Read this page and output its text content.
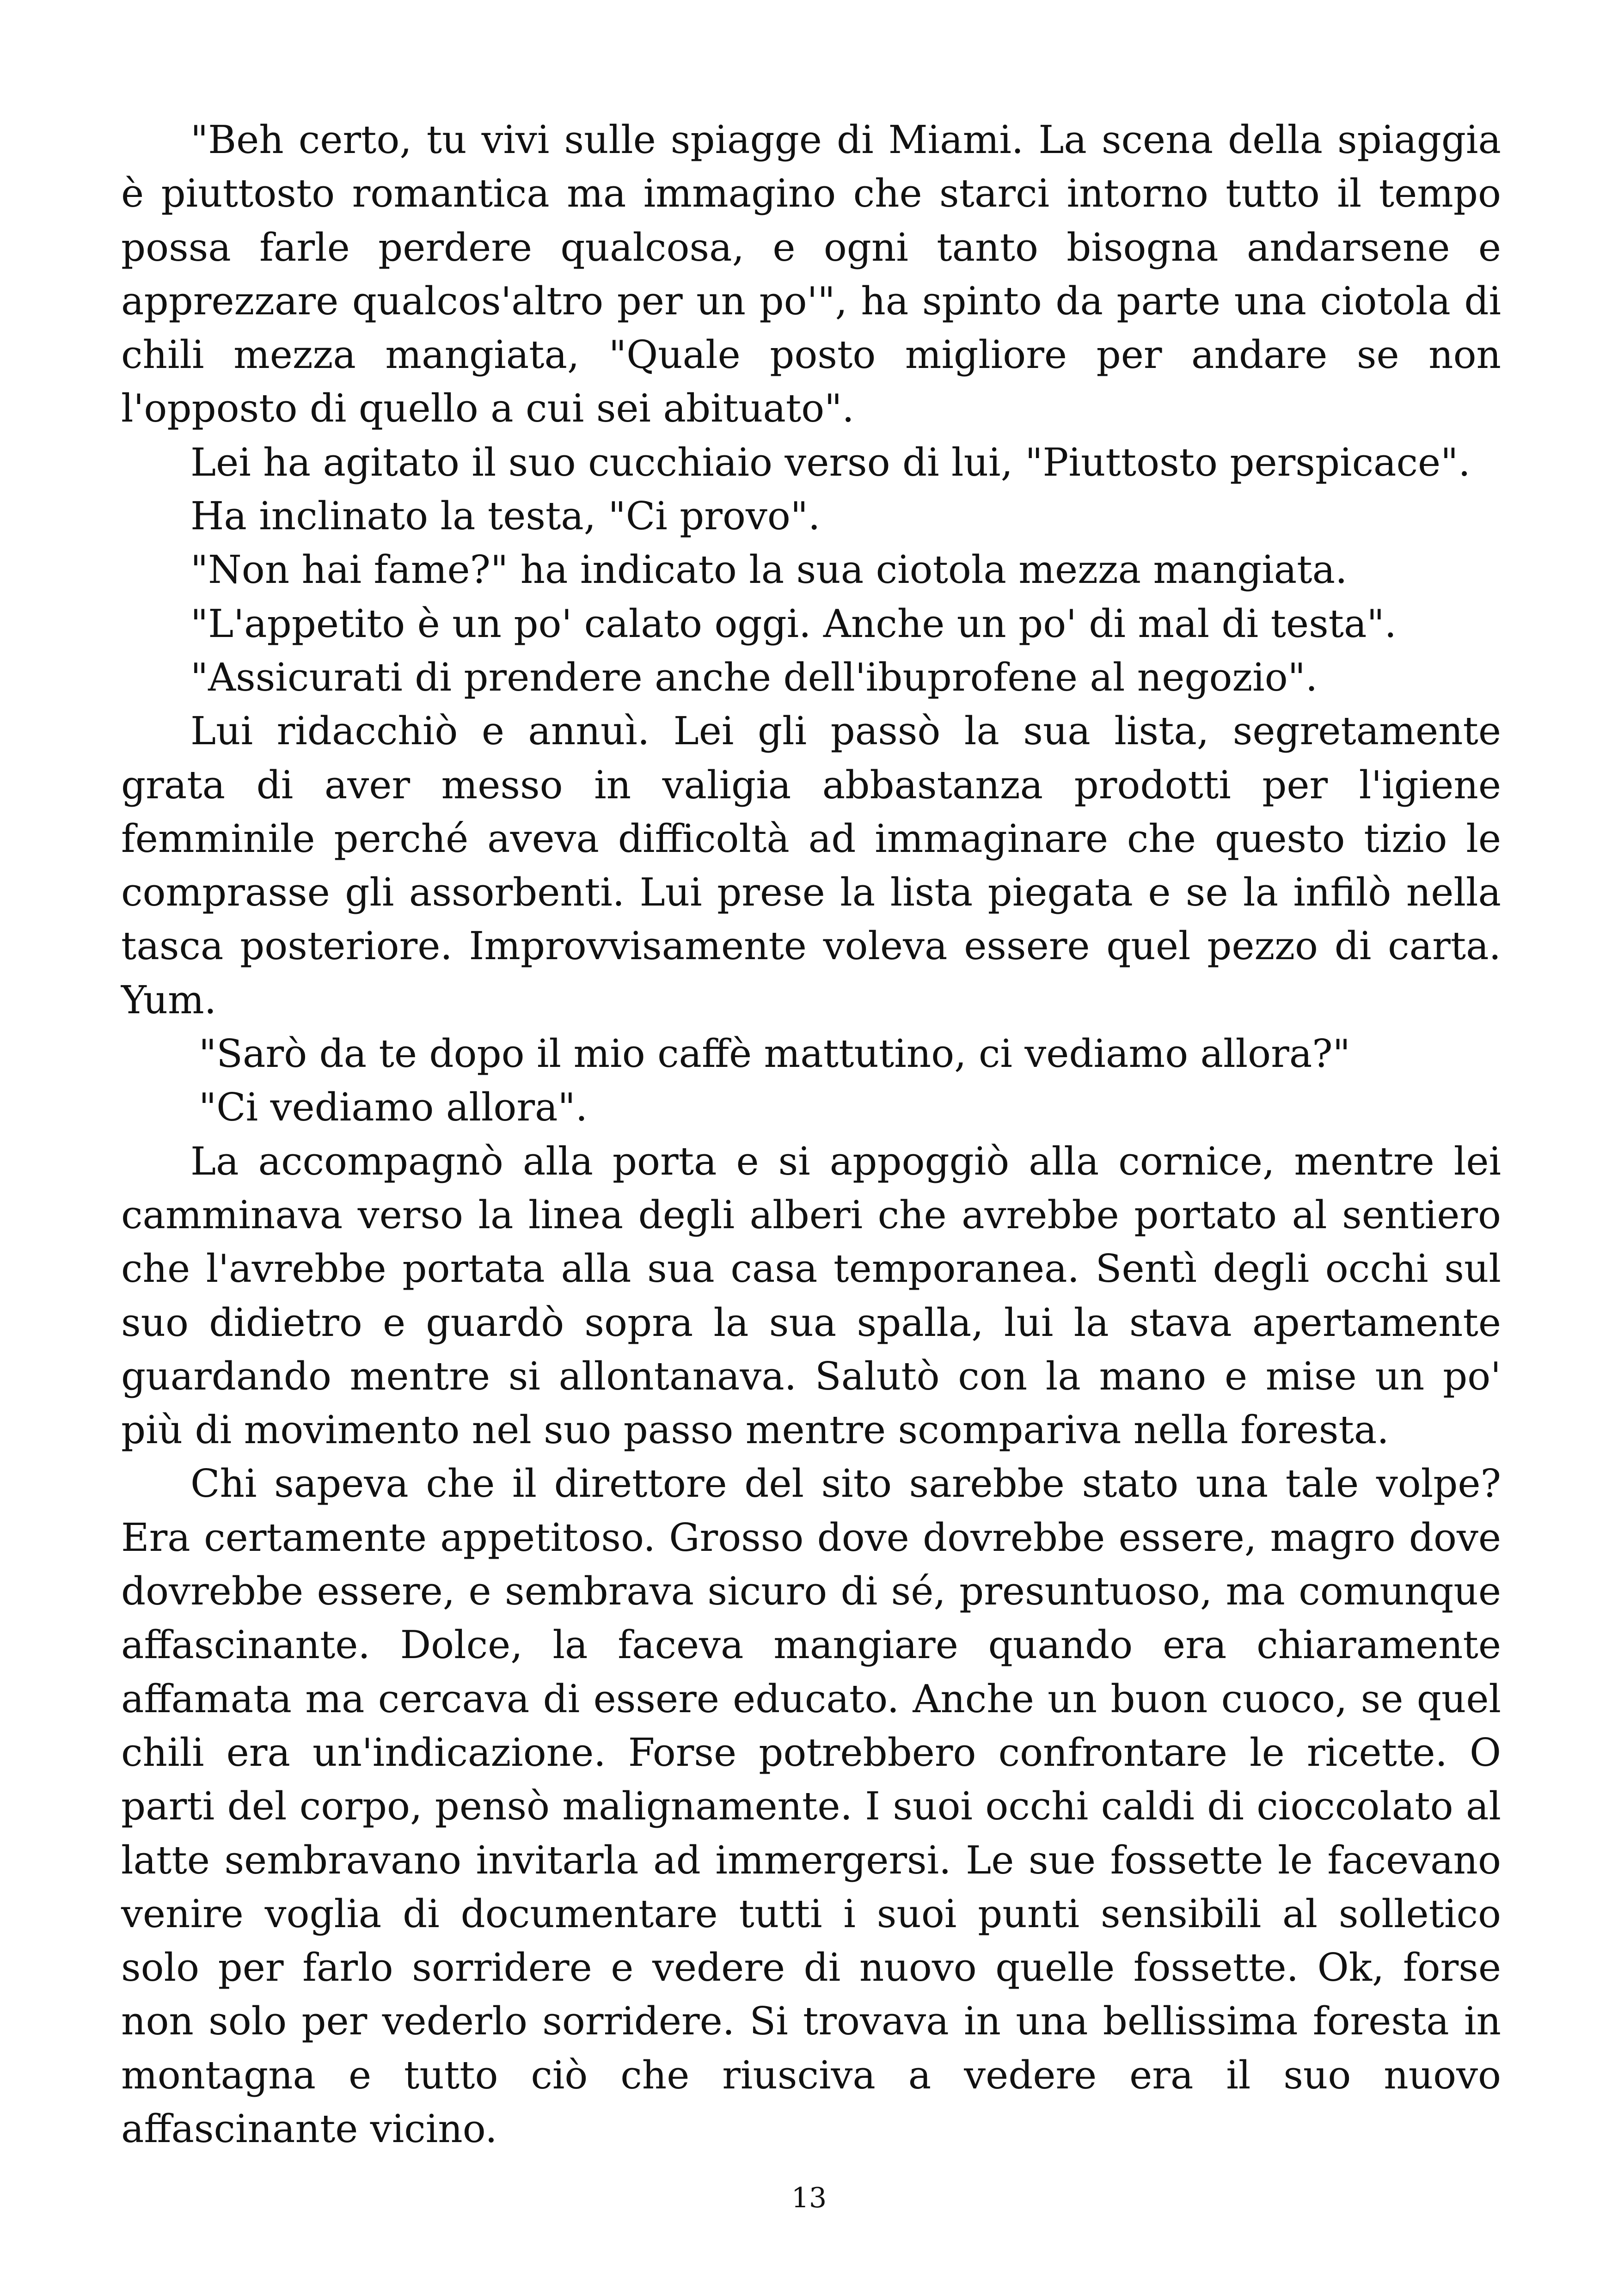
"Beh certo, tu vivi sulle spiagge di Miami. La scena della spiaggia è piuttosto romantica ma immagino che starci intorno tutto il tempo possa farle perdere qualcosa, e ogni tanto bisogna andarsene e apprezzare qualcos'altro per un po'", ha spinto da parte una ciotola di chili mezza mangiata, "Quale posto migliore per andare se non l'opposto di quello a cui sei abituato".

Lei ha agitato il suo cucchiaio verso di lui, "Piuttosto perspicace".

Ha inclinato la testa, "Ci provo".

"Non hai fame?" ha indicato la sua ciotola mezza mangiata.

"L'appetito è un po' calato oggi. Anche un po' di mal di testa".

"Assicurati di prendere anche dell'ibuprofene al negozio".

Lui ridacchiò e annuì. Lei gli passò la sua lista, segretamente grata di aver messo in valigia abbastanza prodotti per l'igiene femminile perché aveva difficoltà ad immaginare che questo tizio le comprasse gli assorbenti. Lui prese la lista piegata e se la infilò nella tasca posteriore. Improvvisamente voleva essere quel pezzo di carta. Yum.

"Sarò da te dopo il mio caffè mattutino, ci vediamo allora?"

"Ci vediamo allora".

La accompagnò alla porta e si appoggiò alla cornice, mentre lei camminava verso la linea degli alberi che avrebbe portato al sentiero che l'avrebbe portata alla sua casa temporanea. Sentì degli occhi sul suo didietro e guardò sopra la sua spalla, lui la stava apertamente guardando mentre si allontanava. Salutò con la mano e mise un po' più di movimento nel suo passo mentre scompariva nella foresta.

Chi sapeva che il direttore del sito sarebbe stato una tale volpe? Era certamente appetitoso. Grosso dove dovrebbe essere, magro dove dovrebbe essere, e sembrava sicuro di sé, presuntuoso, ma comunque affascinante. Dolce, la faceva mangiare quando era chiaramente affamata ma cercava di essere educato. Anche un buon cuoco, se quel chili era un'indicazione. Forse potrebbero confrontare le ricette. O parti del corpo, pensò malignamente. I suoi occhi caldi di cioccolato al latte sembravano invitarla ad immergersi. Le sue fossette le facevano venire voglia di documentare tutti i suoi punti sensibili al solletico solo per farlo sorridere e vedere di nuovo quelle fossette. Ok, forse non solo per vederlo sorridere. Si trovava in una bellissima foresta in montagna e tutto ciò che riusciva a vedere era il suo nuovo affascinante vicino.

13
